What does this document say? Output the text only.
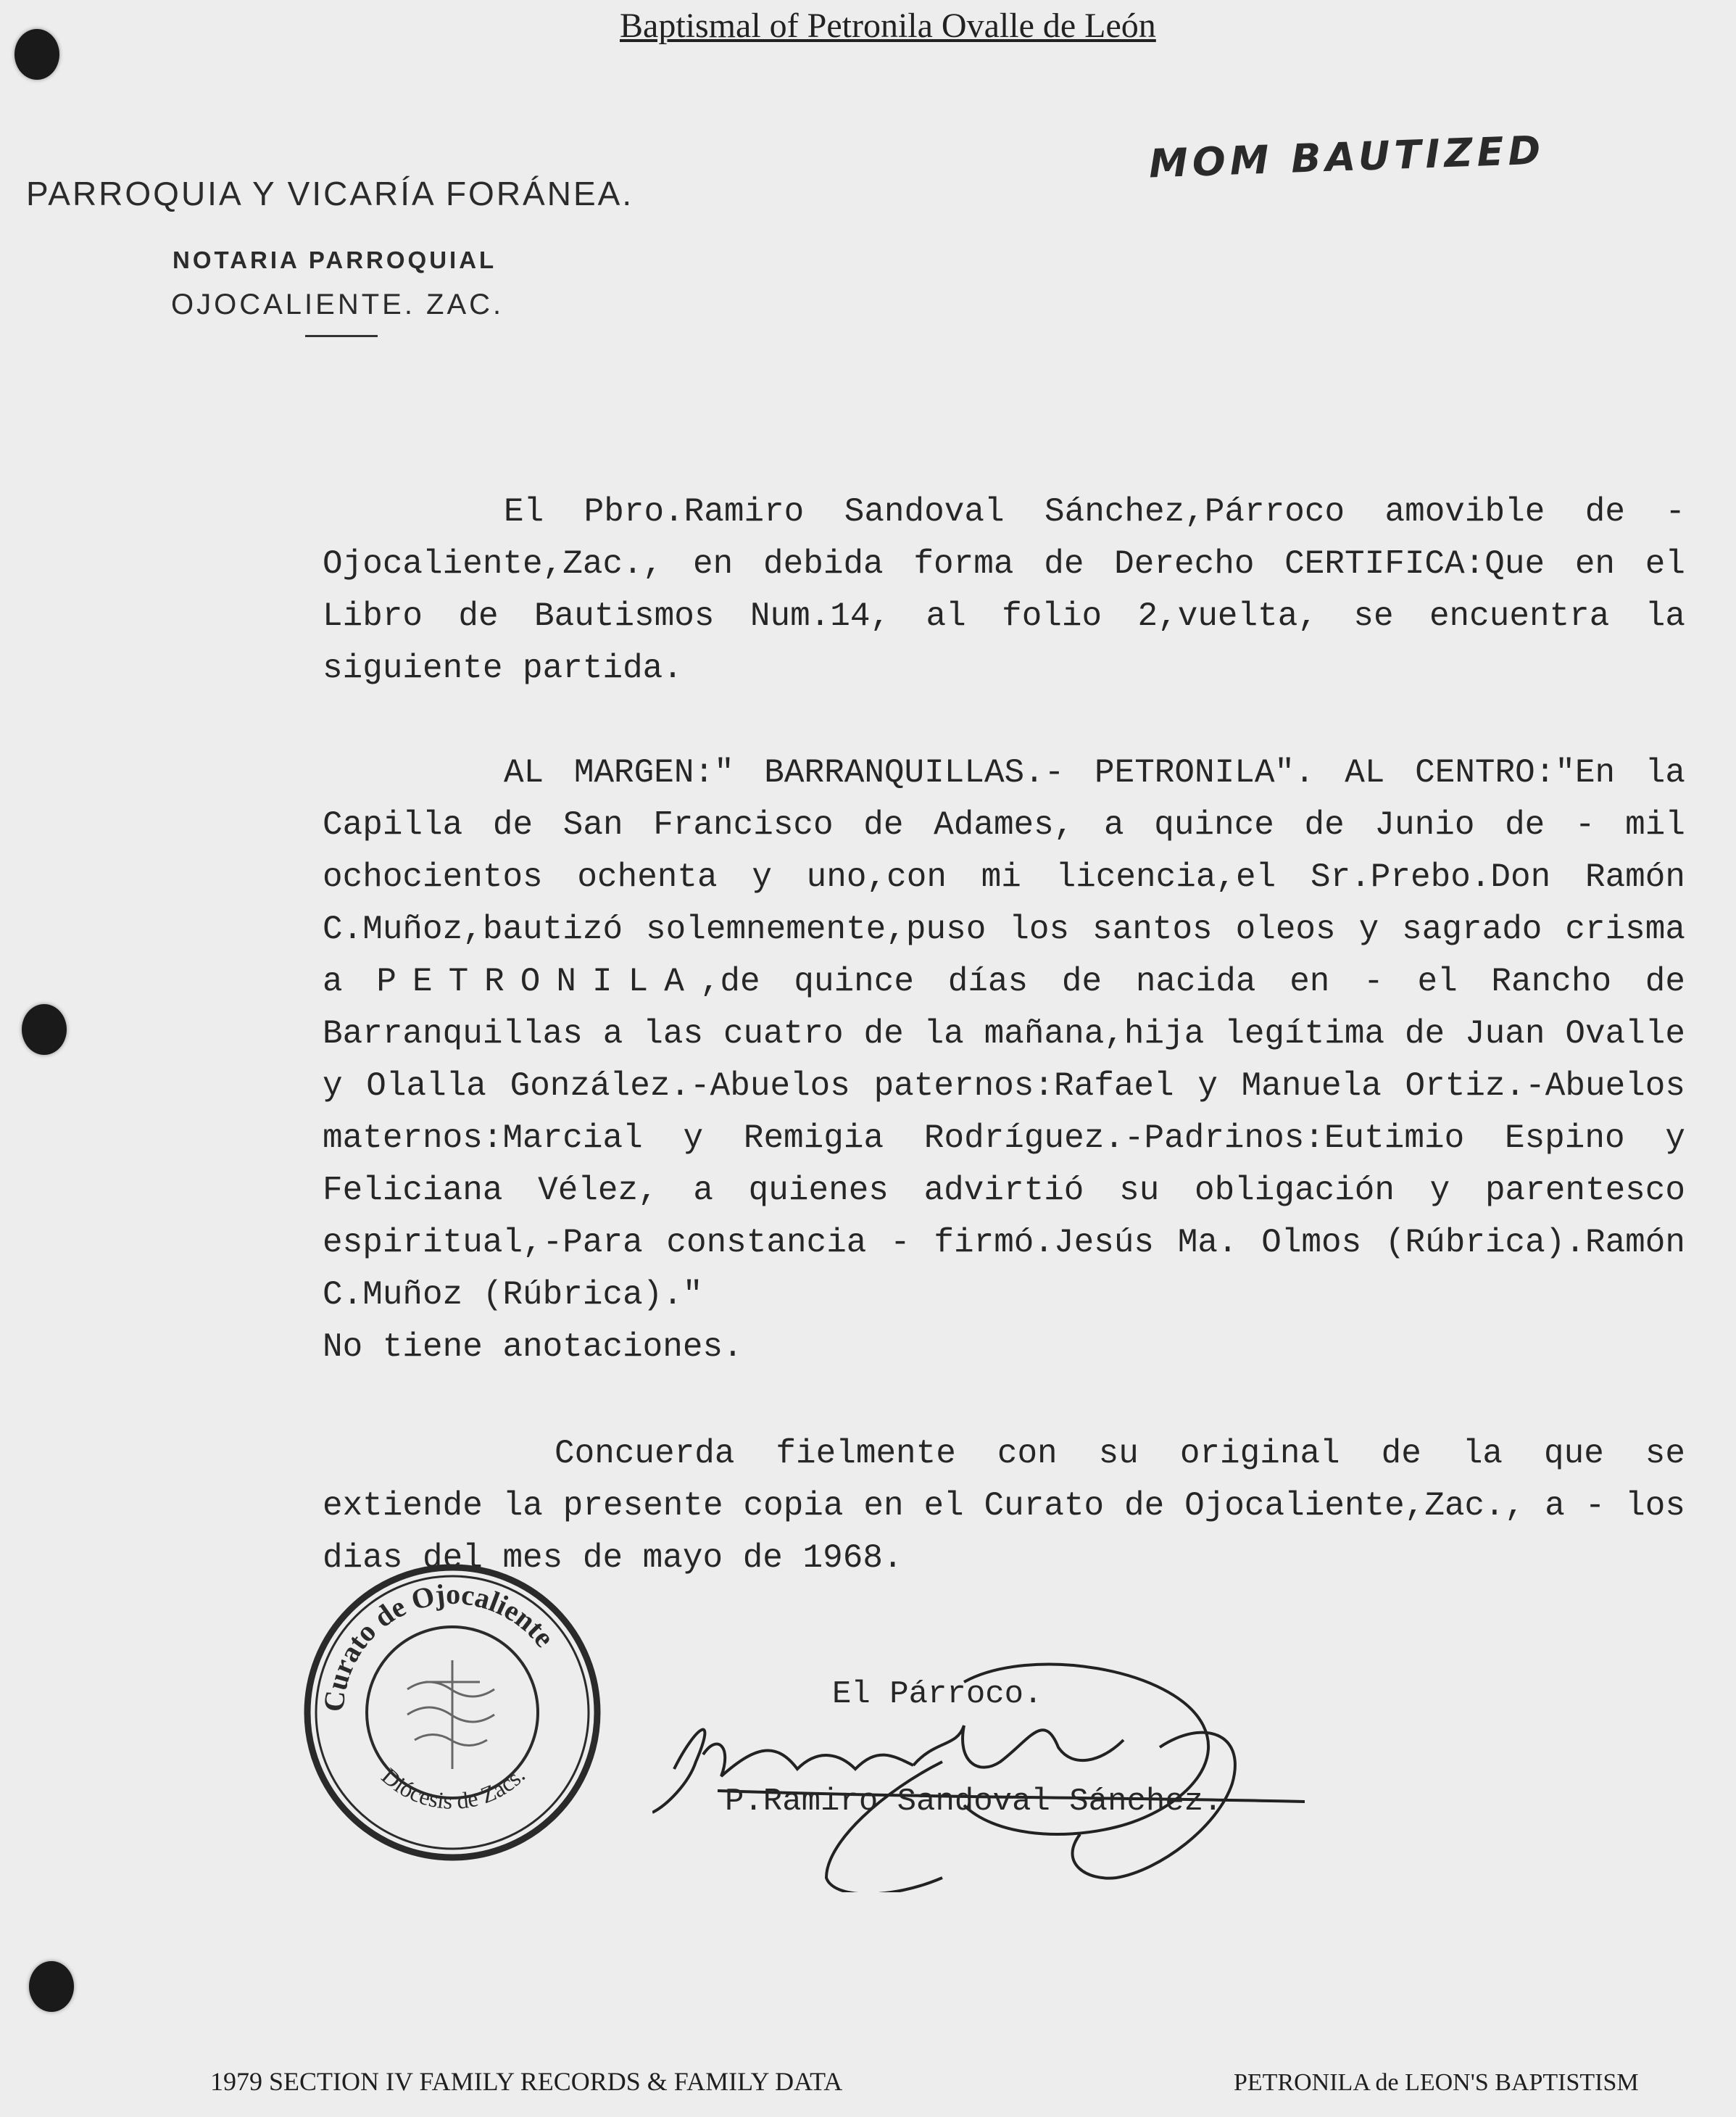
Baptismal of Petronila Ovalle de León
MOM BAUTIZED
PARROQUIA Y VICARÍA FORÁNEA.
NOTARIA PARROQUIAL
OJOCALIENTE. ZAC.

El Pbro.Ramiro Sandoval Sánchez,Párroco amovible de - Ojocaliente,Zac., en debida forma de Derecho CERTIFICA:Que en el Libro de Bautismos Num.14, al folio 2,vuelta, se encuentra la siguiente partida.

AL MARGEN:" BARRANQUILLAS.- PETRONILA". AL CENTRO:"En la Capilla de San Francisco de Adames, a quince de Junio de - mil ochocientos ochenta y uno,con mi licencia,el Sr.Prebo.Don Ramón C.Muñoz,bautizó solemnemente,puso los santos oleos y sagrado crisma a PETRONILA,de quince días de nacida en - el Rancho de Barranquillas a las cuatro de la mañana,hija legítima de Juan Ovalle y Olalla González.-Abuelos paternos:Rafael y Manuela Ortiz.-Abuelos maternos:Marcial y Remigia Rodríguez.-Padrinos:Eutimio Espino y Feliciana Vélez, a quienes advirtió su obligación y parentesco espiritual,-Para constancia - firmó.Jesús Ma. Olmos (Rúbrica).Ramón C.Muñoz (Rúbrica)."

No tiene anotaciones.

Concuerda fielmente con su original de la que se extiende la presente copia en el Curato de Ojocaliente,Zac., a - los dias del mes de mayo de 1968.

Curato de Ojocaliente
Diócesis de Zacs.
El Párroco.
P.Ramiro Sandoval Sánchez.
1979 SECTION IV FAMILY RECORDS & FAMILY DATA	PETRONILA de LEON'S BAPTISTISM
